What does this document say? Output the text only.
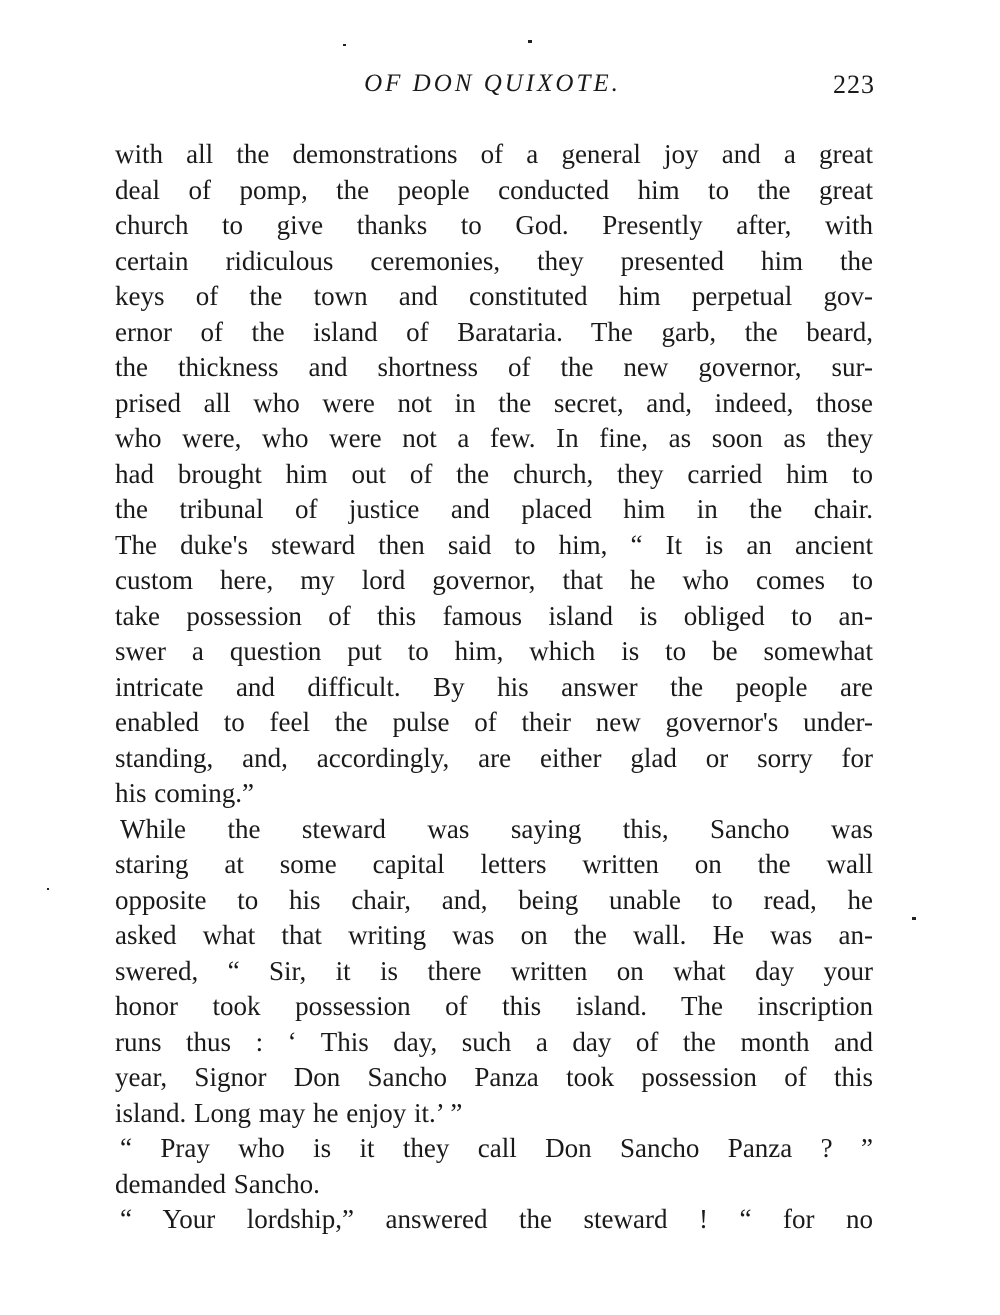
OF DON QUIXOTE.	223
with all the demonstrations of a general joy and a great
deal of pomp, the people conducted him to the great
church to give thanks to God. Presently after, with
certain ridiculous ceremonies, they presented him the
keys of the town and constituted him perpetual gov-
ernor of the island of Barataria. The garb, the beard,
the thickness and shortness of the new governor, sur-
prised all who were not in the secret, and, indeed, those
who were, who were not a few. In fine, as soon as they
had brought him out of the church, they carried him to
the tribunal of justice and placed him in the chair.
The duke's steward then said to him, “ It is an ancient
custom here, my lord governor, that he who comes to
take possession of this famous island is obliged to an-
swer a question put to him, which is to be somewhat
intricate and difficult. By his answer the people are
enabled to feel the pulse of their new governor's under-
standing, and, accordingly, are either glad or sorry for
his coming.”
While the steward was saying this, Sancho was
staring at some capital letters written on the wall
opposite to his chair, and, being unable to read, he
asked what that writing was on the wall. He was an-
swered, “ Sir, it is there written on what day your
honor took possession of this island. The inscription
runs thus : ‘ This day, such a day of the month and
year, Signor Don Sancho Panza took possession of this
island. Long may he enjoy it.’ ”
“ Pray who is it they call Don Sancho Panza ? ”
demanded Sancho.
“ Your lordship,” answered the steward ! “ for no
